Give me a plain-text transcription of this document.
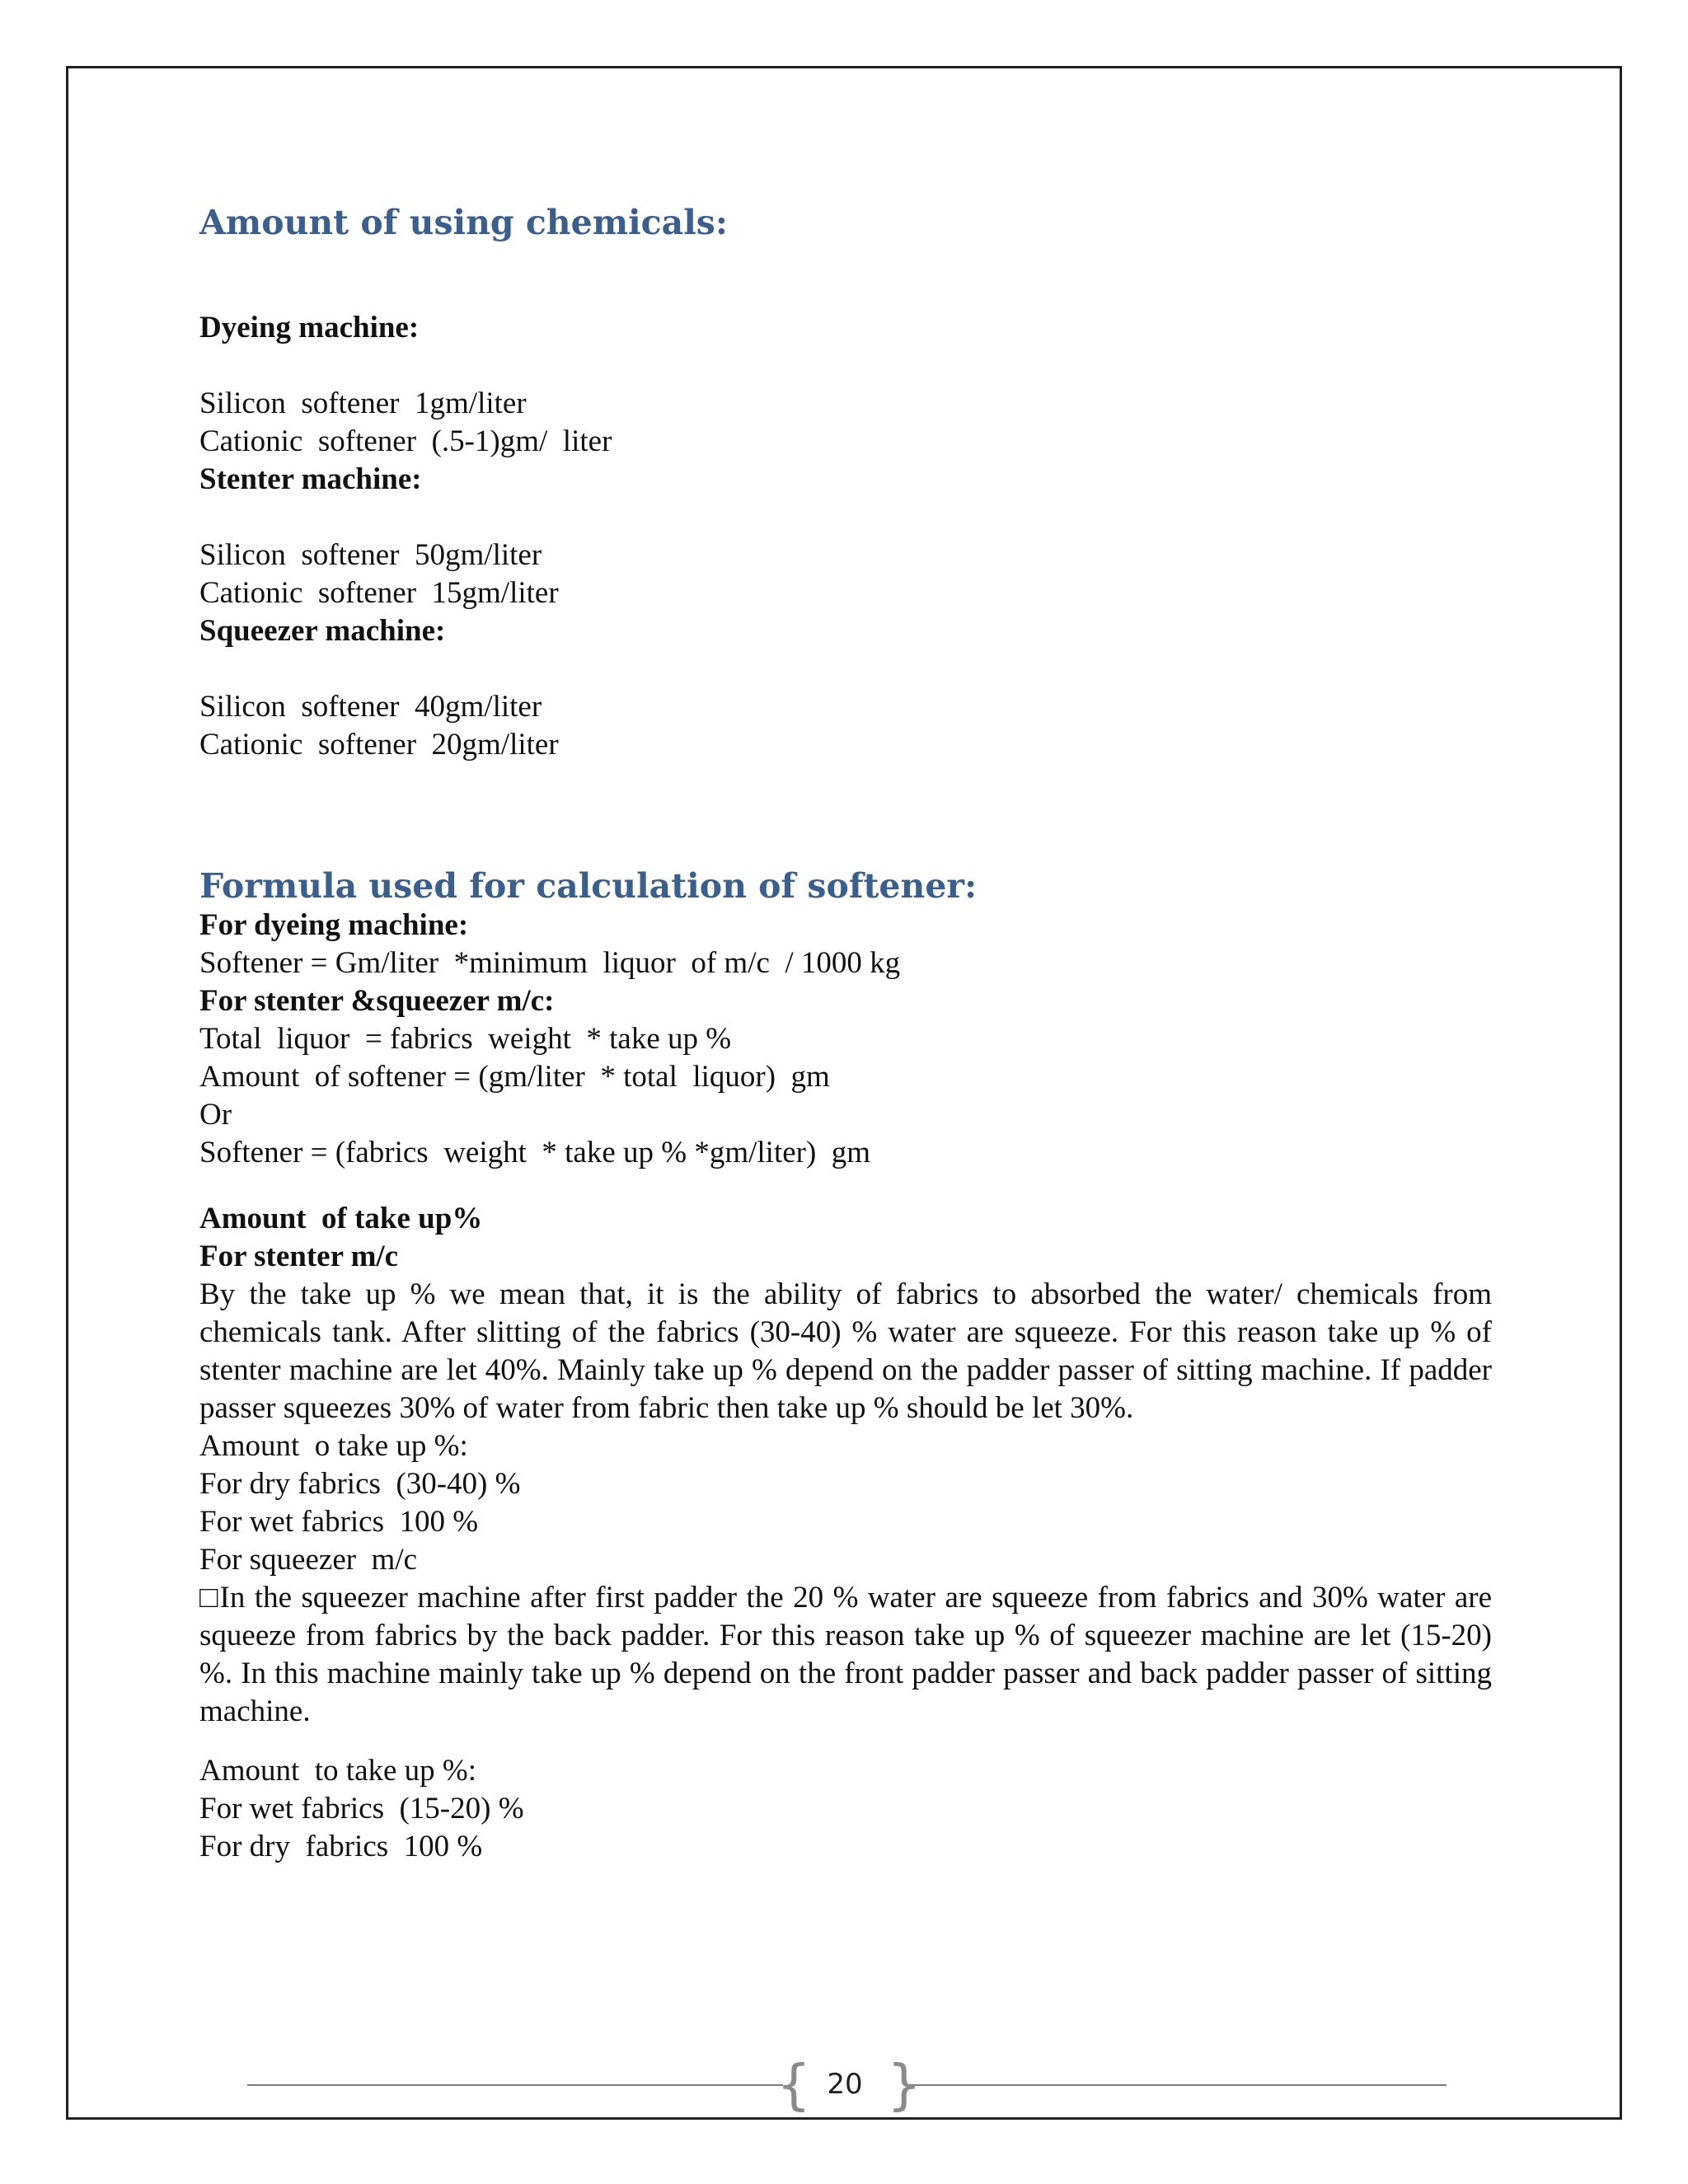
Amount of using chemicals:
Dyeing machine:
Silicon  softener  1gm/liter
Cationic  softener  (.5-1)gm/  liter
Stenter machine:
Silicon  softener  50gm/liter
Cationic  softener  15gm/liter
Squeezer machine:
Silicon  softener  40gm/liter
Cationic  softener  20gm/liter
Formula used for calculation of softener:
For dyeing machine:
Softener = Gm/liter  *minimum  liquor  of m/c  / 1000 kg
For stenter &squeezer m/c:
Total  liquor  = fabrics  weight  * take up %
Amount  of softener = (gm/liter  * total  liquor)  gm
Or
Softener = (fabrics  weight  * take up % *gm/liter)  gm
Amount  of take up%
For stenter m/c
By the take up % we mean that, it is the ability of fabrics to absorbed the water/ chemicals from chemicals tank. After slitting of the fabrics (30-40) % water are squeeze. For this reason take up % of stenter machine are let 40%. Mainly take up % depend on the padder passer of sitting machine. If padder passer squeezes 30% of water from fabric then take up % should be let 30%.
Amount  o take up %:
For dry fabrics  (30-40) %
For wet fabrics  100 %
For squeezer  m/c
□In the squeezer machine after first padder the 20 % water are squeeze from fabrics and 30% water are squeeze from fabrics by the back padder. For this reason take up % of squeezer machine are let (15-20) %. In this machine mainly take up % depend on the front padder passer and back padder passer of sitting machine.
Amount  to take up %:
For wet fabrics  (15-20) %
For dry  fabrics  100 %
{ }
20
